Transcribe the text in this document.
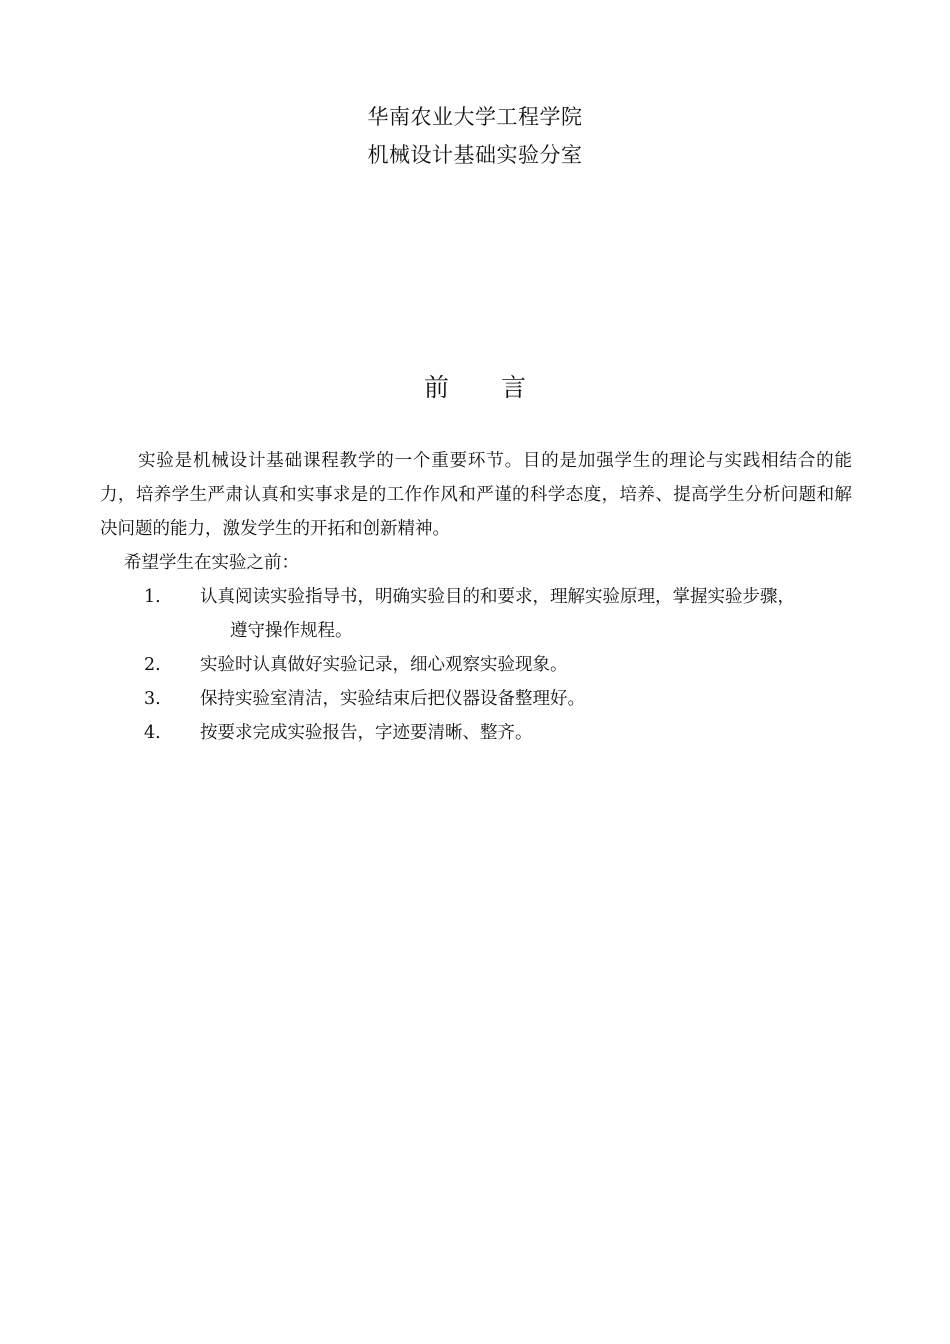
华南农业大学工程学院
机械设计基础实验分室
前 言

实验是机械设计基础课程教学的一个重要环节。目的是加强学生的理论与实践相结合的能力，培养学生严肃认真和实事求是的工作作风和严谨的科学态度，培养、提高学生分析问题和解决问题的能力，激发学生的开拓和创新精神。

希望学生在实验之前：

1.	认真阅读实验指导书，明确实验目的和要求，理解实验原理，掌握实验步骤，
遵守操作规程。
2.	实验时认真做好实验记录，细心观察实验现象。
3.	保持实验室清洁，实验结束后把仪器设备整理好。
4.	按要求完成实验报告，字迹要清晰、整齐。
